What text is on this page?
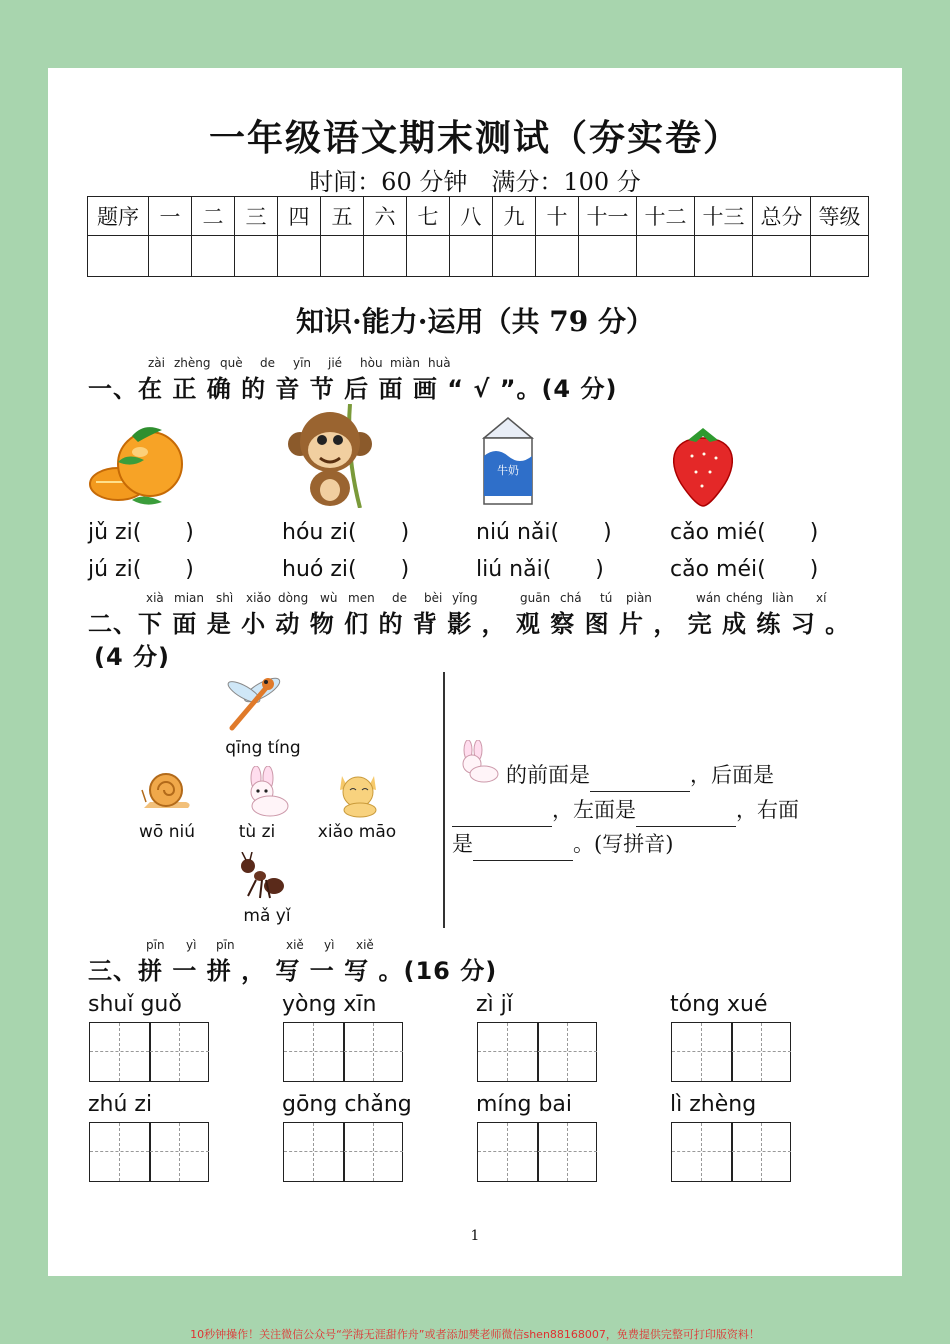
一年级语文期末测试（夯实卷）
时间：60 分钟　满分：100 分
题序	一	二	三	四	五	六	七	八	九	十	十一	十二	十三	总分	等级

知识·能力·运用（共 79 分）
zài zhèng què de yīn jié hòu miàn huà
一、在 正 确 的 音 节 后 面 画 “ √ ”。(4 分)
牛奶
jǔ zi(　　)
jú zi(　　)
hóu zi(　　)
huó zi(　　)
niú nǎi(　　)
liú nǎi(　　)
cǎo mié(　　)
cǎo méi(　　)
xià mian shì xiǎo dòng wù men de bèi yǐng	guān chá tú piàn	wán chéng liàn xí
二、下 面 是 小 动 物 们 的 背 影 ， 观 察 图 片 ， 完 成 练 习 。
(4 分)
qīng tíng
wō niú	tù zi	xiǎo māo
mǎ yǐ
的前面是	，后面是
，左面是	，右面
是	。(写拼音)
pīn yì pīn	xiě yì xiě
三、拼 一 拼 ， 写 一 写 。(16 分)
shuǐ guǒ	yòng xīn	zì jǐ	tóng xué
zhú zi	gōng chǎng	míng bai	lì zhèng
1
10秒钟操作！关注微信公众号“学海无涯甜作舟”或者添加樊老师微信shen88168007，免费提供完整可打印版资料！
